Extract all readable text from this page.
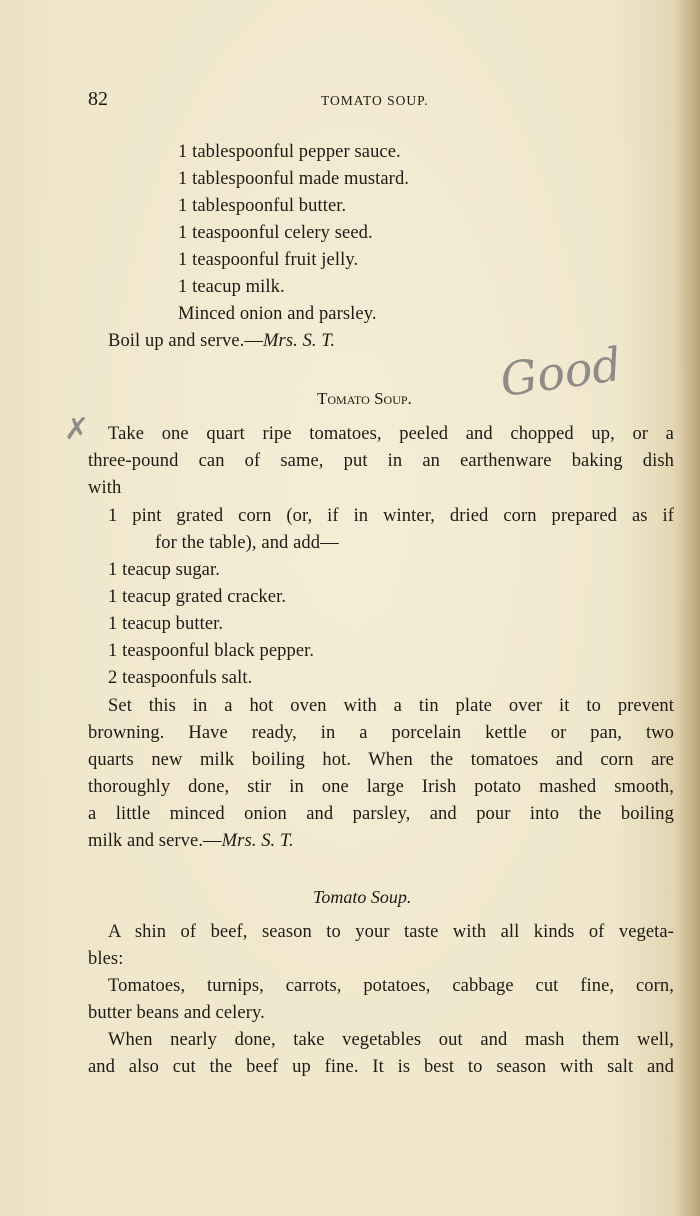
82	TOMATO SOUP.
1 tablespoonful pepper sauce.
1 tablespoonful made mustard.
1 tablespoonful butter.
1 teaspoonful celery seed.
1 teaspoonful fruit jelly.
1 teacup milk.
Minced onion and parsley.
Boil up and serve.—Mrs. S. T.
Tomato Soup. Good
✗ Take one quart ripe tomatoes, peeled and chopped up, or a
three-pound can of same, put in an earthenware baking dish
with
1 pint grated corn (or, if in winter, dried corn prepared as if
for the table), and add—
1 teacup sugar.
1 teacup grated cracker.
1 teacup butter.
1 teaspoonful black pepper.
2 teaspoonfuls salt.
Set this in a hot oven with a tin plate over it to prevent
browning. Have ready, in a porcelain kettle or pan, two
quarts new milk boiling hot. When the tomatoes and corn are
thoroughly done, stir in one large Irish potato mashed smooth,
a little minced onion and parsley, and pour into the boiling
milk and serve.—Mrs. S. T.
Tomato Soup.
A shin of beef, season to your taste with all kinds of vegeta-
bles:
Tomatoes, turnips, carrots, potatoes, cabbage cut fine, corn,
butter beans and celery.
When nearly done, take vegetables out and mash them well,
and also cut the beef up fine. It is best to season with salt and
